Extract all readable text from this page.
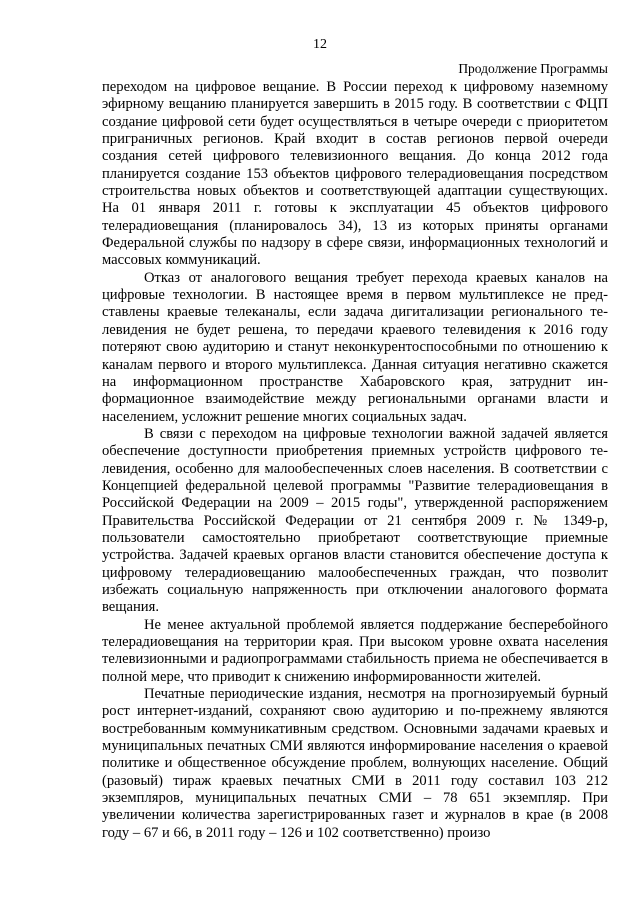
12
Продолжение Программы

переходом на цифровое вещание. В России переход к цифровому наземному эфирному вещанию планируется завершить в 2015 году. В соответствии с ФЦП создание цифровой сети будет осуществляться в четыре очереди с приоритетом приграничных регионов. Край входит в состав регионов первой очереди создания сетей цифрового телевизионного вещания. До конца 2012 года планируется создание 153 объектов цифрового телерадиовещания посредством строительства новых объектов и соответствующей адаптации существующих. На 01 января 2011 г. готовы к эксплуатации 45 объектов цифрового телерадиовещания (планировалось 34), 13 из которых приняты органами Федеральной службы по надзору в сфере связи, информационных технологий и массовых коммуникаций.

Отказ от аналогового вещания требует перехода краевых каналов на цифровые технологии. В настоящее время в первом мультиплексе не представлены краевые телеканалы, если задача дигитализации регионального телевидения не будет решена, то передачи краевого телевидения к 2016 году потеряют свою аудиторию и станут неконкурентоспособными по отношению к каналам первого и второго мультиплекса. Данная ситуация негативно скажется на информационном пространстве Хабаровского края, затруднит информационное взаимодействие между региональными органами власти и населением, усложнит решение многих социальных задач.

В связи с переходом на цифровые технологии важной задачей является обеспечение доступности приобретения приемных устройств цифрового телевидения, особенно для малообеспеченных слоев населения. В соответствии с Концепцией федеральной целевой программы "Развитие телерадиовещания в Российской Федерации на 2009 – 2015 годы", утвержденной распоряжением Правительства Российской Федерации от 21 сентября 2009 г. № 1349-р, пользователи самостоятельно приобретают соответствующие приемные устройства. Задачей краевых органов власти становится обеспечение доступа к цифровому телерадиовещанию малообеспеченных граждан, что позволит избежать социальную напряженность при отключении аналогового формата вещания.

Не менее актуальной проблемой является поддержание бесперебойного телерадиовещания на территории края. При высоком уровне охвата населения телевизионными и радиопрограммами стабильность приема не обеспечивается в полной мере, что приводит к снижению информированности жителей.

Печатные периодические издания, несмотря на прогнозируемый бурный рост интернет-изданий, сохраняют свою аудиторию и по-прежнему являются востребованным коммуникативным средством. Основными задачами краевых и муниципальных печатных СМИ являются информирование населения о краевой политике и общественное обсуждение проблем, волнующих население. Общий (разовый) тираж краевых печатных СМИ в 2011 году составил 103 212 экземпляров, муниципальных печатных СМИ – 78 651 экземпляр. При увеличении количества зарегистрированных газет и журналов в крае (в 2008 году – 67 и 66, в 2011 году – 126 и 102 соответственно) произо
